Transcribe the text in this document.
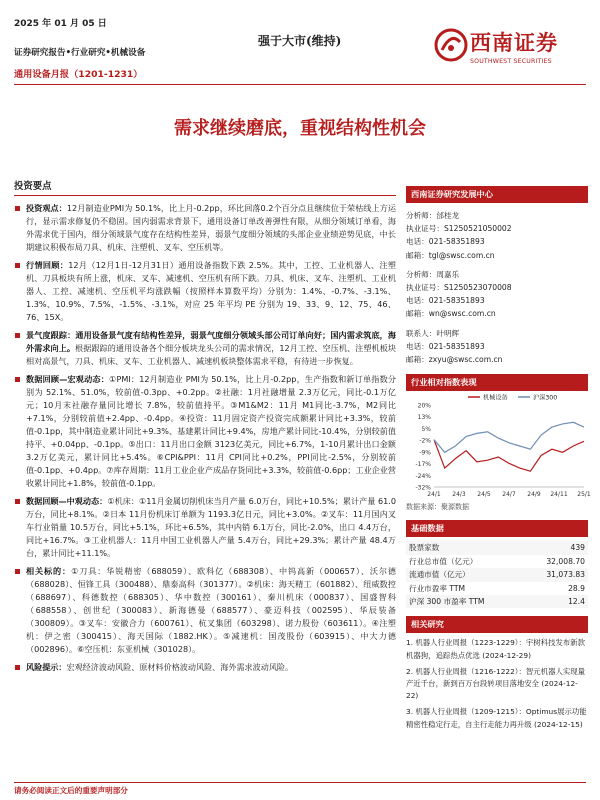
2025 年 01 月 05 日
证券研究报告•行业研究•机械设备
通用设备月报（1201-1231）
强于大市(维持)	西南证券
SOUTHWEST SECURITIES
需求继续磨底，重视结构性机会
投资要点
投资观点：12月制造业PMI为 50.1%，比上月-0.2pp，环比回落0.2个百分点且继续位于荣枯线上方运行，显示需求修复仍不稳固。国内弱需求背景下，通用设备订单改善弹性有限，从细分领域订单看，海外需求优于国内，细分领域景气度存在结构性差异，弱景气度细分领域的头部企业业绩逆势见底，中长期建议积极布局刀具、机床、注塑机、叉车、空压机等。
行情回顾：12月（12月1日-12月31日）通用设备指数下跌 2.5%。其中，工控、工业机器人、注塑机、刀具板块有所上涨，机床、叉车、减速机、空压机有所下跌。刀具、机床、叉车、注塑机、工业机器人、工控、减速机、空压机平均涨跌幅（按照样本算数平均）分别为：1.4%、-0.7%、-3.1%、1.3%、10.9%、7.5%、-1.5%、-3.1%，对应 25 年平均 PE 分别为 19、33、9、12、75、46、76、15X。
景气度跟踪：通用设备景气度有结构性差异，弱景气度细分领域头部公司订单向好；国内需求筑底，海外需求向上。根据跟踪的通用设备各个细分板块龙头公司的需求情况，12月工控、空压机、注塑机板块相对高景气，刀具、机床、叉车、工业机器人、减速机板块整体需求平稳，有待进一步恢复。
数据回顾—宏观动态：①PMI：12月制造业 PMI为 50.1%，比上月-0.2pp，生产指数和新订单指数分别为 52.1%、51.0%，较前值-0.3pp、+0.2pp。②社融：1月社融增量 2.3万亿元，同比-0.1万亿元；10月末社融存量同比增长 7.8%，较前值持平。③M1&M2：11月 M1同比-3.7%，M2同比+7.1%，分别较前值+2.4pp、-0.4pp。④投资：11月固定资产投资完成额累计同比+3.3%，较前值-0.1pp，其中制造业累计同比+9.3%、基建累计同比+9.4%，房地产累计同比-10.4%，分别较前值持平、+0.04pp、-0.1pp。⑤出口：11月出口金额 3123亿美元，同比+6.7%，1-10月累计出口金额 3.2万亿美元，累计同比+5.4%。⑥CPI&PPI：11月 CPI同比+0.2%，PPI同比-2.5%，分别较前值-0.1pp、+0.4pp。⑦库存周期：11月工业企业产成品存货同比+3.3%，较前值-0.6pp；工业企业营收累计同比+1.8%，较前值-0.1pp。
数据回顾—中观动态：①机床：①11月金属切削机床当月产量 6.0万台，同比+10.5%；累计产量 61.0万台，同比+8.1%。②日本 11月份机床订单额为 1193.3亿日元，同比+3.0%。②叉车：11月国内叉车行业销量 10.5万台，同比+5.1%，环比+6.5%，其中内销 6.1万台，同比-2.0%，出口 4.4万台，同比+16.7%。③工业机器人：11月中国工业机器人产量 5.4万台，同比+29.3%；累计产量 48.4万台，累计同比+11.1%。
相关标的：①刀具：华锐精密（688059）、欧科亿（688308）、中钨高新（000657）、沃尔德（688028）、恒锋工具（300488）、鼎泰高科（301377）。②机床：海天精工（601882）、纽威数控（688697）、科德数控（688305）、华中数控（300161）、秦川机床（000837）、国盛智科（688558）、创世纪（300083）、新海德曼（688577）、豪迈科技（002595）、华辰装备（300809）。③叉车：安徽合力（600761）、杭叉集团（603298）、诺力股份（603611）。④注塑机：伊之密（300415）、海天国际（1882.HK）。⑤减速机：国茂股份（603915）、中大力德（002896）。⑥空压机：东亚机械（301028）。
风险提示：宏观经济波动风险、原材料价格波动风险、海外需求波动风险。
西南证券研究发展中心
分析师：邰桂龙
执业证号：S1250521050002
电话：021-58351893
邮箱：tgl@swsc.com.cn
分析师：周嘉乐
执业证号：S1250523070008
电话：021-58351893
邮箱：wn@swsc.com.cn
联系人：叶明辉
电话：021-58351893
邮箱：zxyu@swsc.com.cn
行业相对指数表现
20%
13%
5%
-2%
-9%
-17%
-24%
-32%
24/1 24/3 24/5 24/7 24/9 24/11 25/1
机械设备	沪深300
数据来源：聚源数据
基础数据
股票家数	439
行业总市值（亿元）	32,008.70
流通市值（亿元）	31,073.83
行业市盈率 TTM	28.9
沪深 300 市盈率 TTM	12.4
相关研究
1. 机器人行业周报（1223-1229）：宇树科技发布新款机器狗，追踪热点优选 (2024-12-29)
2. 机器人行业周报（1216-1222）：智元机器人实现量产近千台，新到百万台段转项目落地安全 (2024-12-22)
3. 机器人行业周报（1209-1215）：Optimus展示功能精密性稳定行走，自主行走能力再升级 (2024-12-15)
请务必阅读正文后的重要声明部分
